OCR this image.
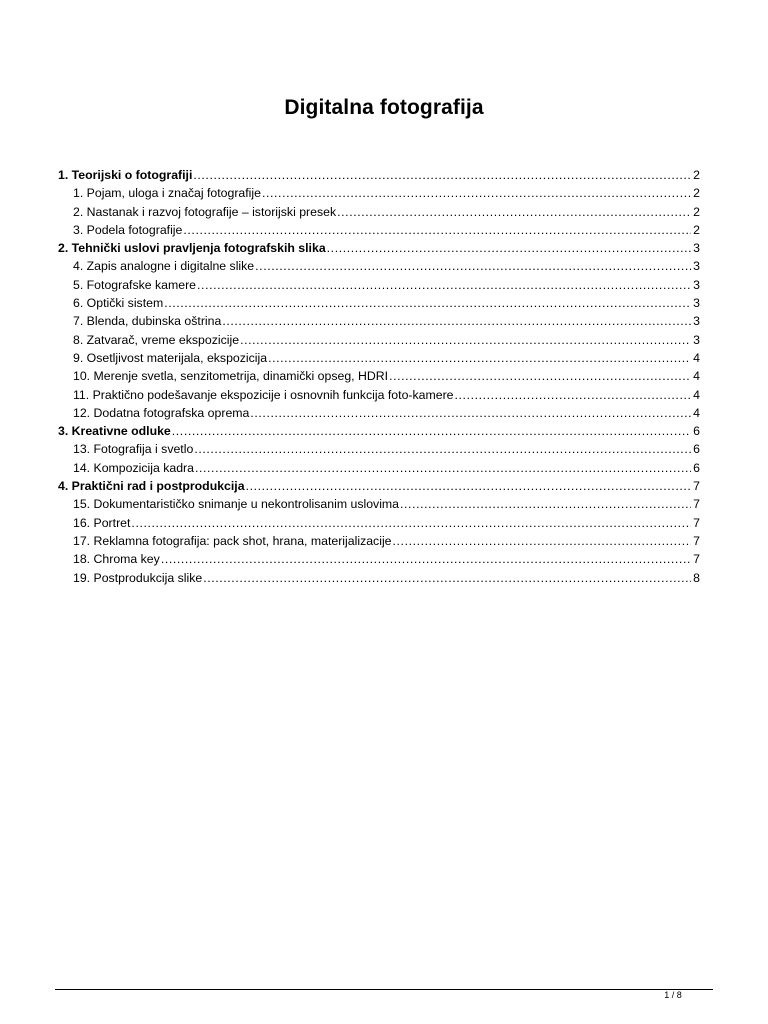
Digitalna fotografija
1. Teorijski o fotografiji .....	2
1. Pojam, uloga i značaj fotografije .....	2
2. Nastanak i razvoj fotografije – istorijski presek .....	2
3. Podela fotografije .....	2
2. Tehnički uslovi pravljenja fotografskih slika .....	3
4. Zapis analogne i digitalne slike .....	3
5. Fotografske kamere .....	3
6. Optički sistem .....	3
7. Blenda, dubinska oštrina .....	3
8. Zatvarač, vreme ekspozicije .....	3
9. Osetljivost materijala, ekspozicija .....	4
10. Merenje svetla, senzitometrija, dinamički opseg, HDRI .....	4
11. Praktično podešavanje ekspozicije i osnovnih funkcija foto-kamere .....	4
12. Dodatna fotografska oprema .....	4
3. Kreativne odluke .....	6
13. Fotografija i svetlo .....	6
14. Kompozicija kadra .....	6
4. Praktični rad i postprodukcija .....	7
15. Dokumentarističko snimanje u nekontrolisanim uslovima .....	7
16. Portret .....	7
17. Reklamna fotografija: pack shot, hrana, materijalizacije .....	7
18. Chroma key .....	7
19. Postprodukcija slike .....	8
1 / 8
